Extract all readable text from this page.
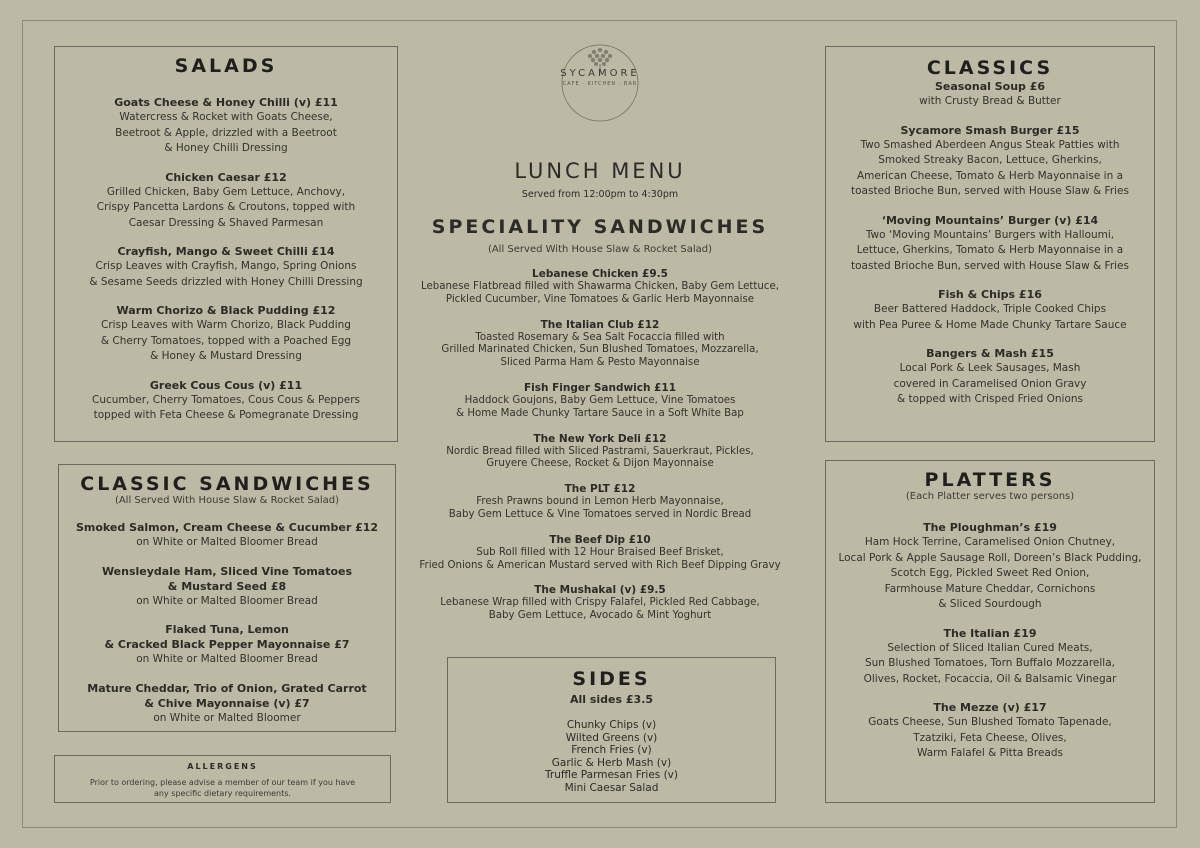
SALADS
Goats Cheese & Honey Chilli (v) £11
Watercress & Rocket with Goats Cheese,
Beetroot & Apple, drizzled with a Beetroot
& Honey Chilli Dressing
Chicken Caesar £12
Grilled Chicken, Baby Gem Lettuce, Anchovy,
Crispy Pancetta Lardons & Croutons, topped with
Caesar Dressing & Shaved Parmesan
Crayfish, Mango & Sweet Chilli £14
Crisp Leaves with Crayfish, Mango, Spring Onions
& Sesame Seeds drizzled with Honey Chilli Dressing
Warm Chorizo & Black Pudding £12
Crisp Leaves with Warm Chorizo, Black Pudding
& Cherry Tomatoes, topped with a Poached Egg
& Honey & Mustard Dressing
Greek Cous Cous (v) £11
Cucumber, Cherry Tomatoes, Cous Cous & Peppers
topped with Feta Cheese & Pomegranate Dressing
CLASSIC SANDWICHES
(All Served With House Slaw & Rocket Salad)
Smoked Salmon, Cream Cheese & Cucumber £12
on White or Malted Bloomer Bread
Wensleydale Ham, Sliced Vine Tomatoes
& Mustard Seed £8
on White or Malted Bloomer Bread
Flaked Tuna, Lemon
& Cracked Black Pepper Mayonnaise £7
on White or Malted Bloomer Bread
Mature Cheddar, Trio of Onion, Grated Carrot
& Chive Mayonnaise (v) £7
on White or Malted Bloomer
ALLERGENS
Prior to ordering, please advise a member of our team if you have
any specific dietary requirements.
SYCAMORE
CAFE · KITCHEN · BAR
LUNCH MENU
Served from 12:00pm to 4:30pm
SPECIALITY SANDWICHES
(All Served With House Slaw & Rocket Salad)
Lebanese Chicken £9.5
Lebanese Flatbread filled with Shawarma Chicken, Baby Gem Lettuce,
Pickled Cucumber, Vine Tomatoes & Garlic Herb Mayonnaise
The Italian Club £12
Toasted Rosemary & Sea Salt Focaccia filled with
Grilled Marinated Chicken, Sun Blushed Tomatoes, Mozzarella,
Sliced Parma Ham & Pesto Mayonnaise
Fish Finger Sandwich £11
Haddock Goujons, Baby Gem Lettuce, Vine Tomatoes
& Home Made Chunky Tartare Sauce in a Soft White Bap
The New York Deli £12
Nordic Bread filled with Sliced Pastrami, Sauerkraut, Pickles,
Gruyere Cheese, Rocket & Dijon Mayonnaise
The PLT £12
Fresh Prawns bound in Lemon Herb Mayonnaise,
Baby Gem Lettuce & Vine Tomatoes served in Nordic Bread
The Beef Dip £10
Sub Roll filled with 12 Hour Braised Beef Brisket,
Fried Onions & American Mustard served with Rich Beef Dipping Gravy
The Mushakal (v) £9.5
Lebanese Wrap filled with Crispy Falafel, Pickled Red Cabbage,
Baby Gem Lettuce, Avocado & Mint Yoghurt
SIDES
All sides £3.5
Chunky Chips (v)
Wilted Greens (v)
French Fries (v)
Garlic & Herb Mash (v)
Truffle Parmesan Fries (v)
Mini Caesar Salad
CLASSICS
Seasonal Soup £6
with Crusty Bread & Butter
Sycamore Smash Burger £15
Two Smashed Aberdeen Angus Steak Patties with
Smoked Streaky Bacon, Lettuce, Gherkins,
American Cheese, Tomato & Herb Mayonnaise in a
toasted Brioche Bun, served with House Slaw & Fries
‘Moving Mountains’ Burger (v) £14
Two ‘Moving Mountains’ Burgers with Halloumi,
Lettuce, Gherkins, Tomato & Herb Mayonnaise in a
toasted Brioche Bun, served with House Slaw & Fries
Fish & Chips £16
Beer Battered Haddock, Triple Cooked Chips
with Pea Puree & Home Made Chunky Tartare Sauce
Bangers & Mash £15
Local Pork & Leek Sausages, Mash
covered in Caramelised Onion Gravy
& topped with Crisped Fried Onions
PLATTERS
(Each Platter serves two persons)
The Ploughman’s £19
Ham Hock Terrine, Caramelised Onion Chutney,
Local Pork & Apple Sausage Roll, Doreen’s Black Pudding,
Scotch Egg, Pickled Sweet Red Onion,
Farmhouse Mature Cheddar, Cornichons
& Sliced Sourdough
The Italian £19
Selection of Sliced Italian Cured Meats,
Sun Blushed Tomatoes, Torn Buffalo Mozzarella,
Olives, Rocket, Focaccia, Oil & Balsamic Vinegar
The Mezze (v) £17
Goats Cheese, Sun Blushed Tomato Tapenade,
Tzatziki, Feta Cheese, Olives,
Warm Falafel & Pitta Breads
